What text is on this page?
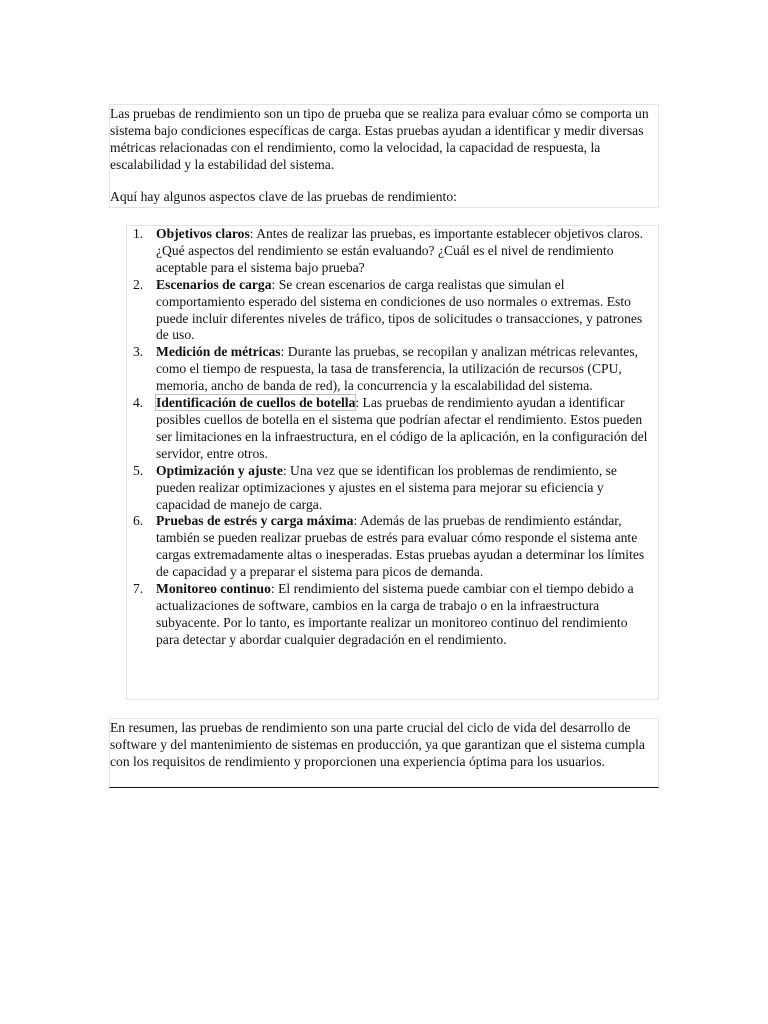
Las pruebas de rendimiento son un tipo de prueba que se realiza para evaluar cómo se comporta un sistema bajo condiciones específicas de carga. Estas pruebas ayudan a identificar y medir diversas métricas relacionadas con el rendimiento, como la velocidad, la capacidad de respuesta, la escalabilidad y la estabilidad del sistema.

Aquí hay algunos aspectos clave de las pruebas de rendimiento:

1. Objetivos claros: Antes de realizar las pruebas, es importante establecer objetivos claros. ¿Qué aspectos del rendimiento se están evaluando? ¿Cuál es el nivel de rendimiento aceptable para el sistema bajo prueba?
2. Escenarios de carga: Se crean escenarios de carga realistas que simulan el comportamiento esperado del sistema en condiciones de uso normales o extremas. Esto puede incluir diferentes niveles de tráfico, tipos de solicitudes o transacciones, y patrones de uso.
3. Medición de métricas: Durante las pruebas, se recopilan y analizan métricas relevantes, como el tiempo de respuesta, la tasa de transferencia, la utilización de recursos (CPU, memoria, ancho de banda de red), la concurrencia y la escalabilidad del sistema.
4. Identificación de cuellos de botella: Las pruebas de rendimiento ayudan a identificar posibles cuellos de botella en el sistema que podrían afectar el rendimiento. Estos pueden ser limitaciones en la infraestructura, en el código de la aplicación, en la configuración del servidor, entre otros.
5. Optimización y ajuste: Una vez que se identifican los problemas de rendimiento, se pueden realizar optimizaciones y ajustes en el sistema para mejorar su eficiencia y capacidad de manejo de carga.
6. Pruebas de estrés y carga máxima: Además de las pruebas de rendimiento estándar, también se pueden realizar pruebas de estrés para evaluar cómo responde el sistema ante cargas extremadamente altas o inesperadas. Estas pruebas ayudan a determinar los límites de capacidad y a preparar el sistema para picos de demanda.
7. Monitoreo continuo: El rendimiento del sistema puede cambiar con el tiempo debido a actualizaciones de software, cambios en la carga de trabajo o en la infraestructura subyacente. Por lo tanto, es importante realizar un monitoreo continuo del rendimiento para detectar y abordar cualquier degradación en el rendimiento.

En resumen, las pruebas de rendimiento son una parte crucial del ciclo de vida del desarrollo de software y del mantenimiento de sistemas en producción, ya que garantizan que el sistema cumpla con los requisitos de rendimiento y proporcionen una experiencia óptima para los usuarios.
